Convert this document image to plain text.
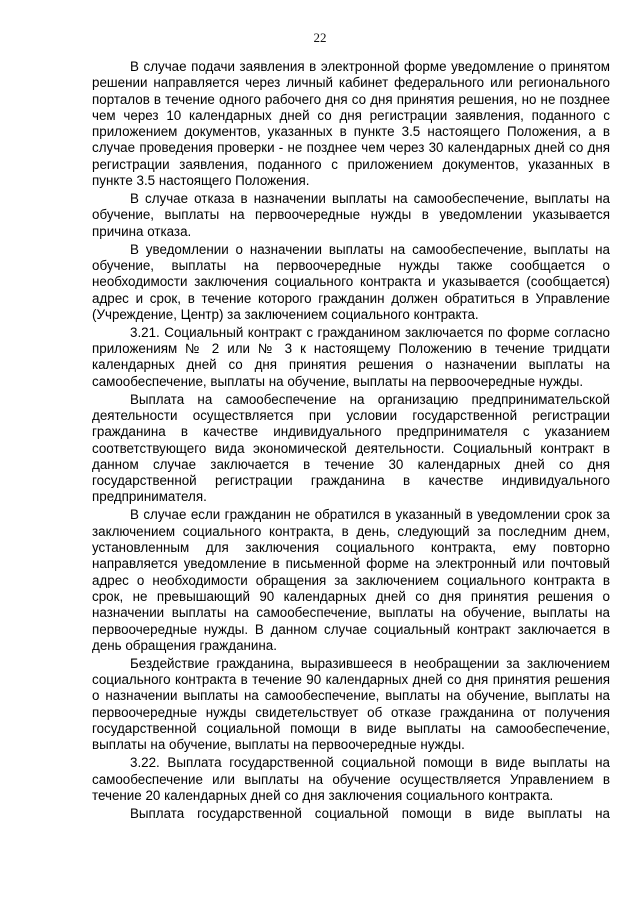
22

В случае подачи заявления в электронной форме уведомление о принятом решении направляется через личный кабинет федерального или регионального порталов в течение одного рабочего дня со дня принятия решения, но не позднее чем через 10 календарных дней со дня регистрации заявления, поданного с приложением документов, указанных в пункте 3.5 настоящего Положения, а в случае проведения проверки - не позднее чем через 30 календарных дней со дня регистрации заявления, поданного с приложением документов, указанных в пункте 3.5 настоящего Положения.

В случае отказа в назначении выплаты на самообеспечение, выплаты на обучение, выплаты на первоочередные нужды в уведомлении указывается причина отказа.

В уведомлении о назначении выплаты на самообеспечение, выплаты на обучение, выплаты на первоочередные нужды также сообщается о необходимости заключения социального контракта и указывается (сообщается) адрес и срок, в течение которого гражданин должен обратиться в Управление (Учреждение, Центр) за заключением социального контракта.

3.21. Социальный контракт с гражданином заключается по форме согласно приложениям № 2 или № 3 к настоящему Положению в течение тридцати календарных дней со дня принятия решения о назначении выплаты на самообеспечение, выплаты на обучение, выплаты на первоочередные нужды.

Выплата на самообеспечение на организацию предпринимательской деятельности осуществляется при условии государственной регистрации гражданина в качестве индивидуального предпринимателя с указанием соответствующего вида экономической деятельности. Социальный контракт в данном случае заключается в течение 30 календарных дней со дня государственной регистрации гражданина в качестве индивидуального предпринимателя.

В случае если гражданин не обратился в указанный в уведомлении срок за заключением социального контракта, в день, следующий за последним днем, установленным для заключения социального контракта, ему повторно направляется уведомление в письменной форме на электронный или почтовый адрес о необходимости обращения за заключением социального контракта в срок, не превышающий 90 календарных дней со дня принятия решения о назначении выплаты на самообеспечение, выплаты на обучение, выплаты на первоочередные нужды. В данном случае социальный контракт заключается в день обращения гражданина.

Бездействие гражданина, выразившееся в необращении за заключением социального контракта в течение 90 календарных дней со дня принятия решения о назначении выплаты на самообеспечение, выплаты на обучение, выплаты на первоочередные нужды свидетельствует об отказе гражданина от получения государственной социальной помощи в виде выплаты на самообеспечение, выплаты на обучение, выплаты на первоочередные нужды.

3.22. Выплата государственной социальной помощи в виде выплаты на самообеспечение или выплаты на обучение осуществляется Управлением в течение 20 календарных дней со дня заключения социального контракта.

Выплата государственной социальной помощи в виде выплаты на
